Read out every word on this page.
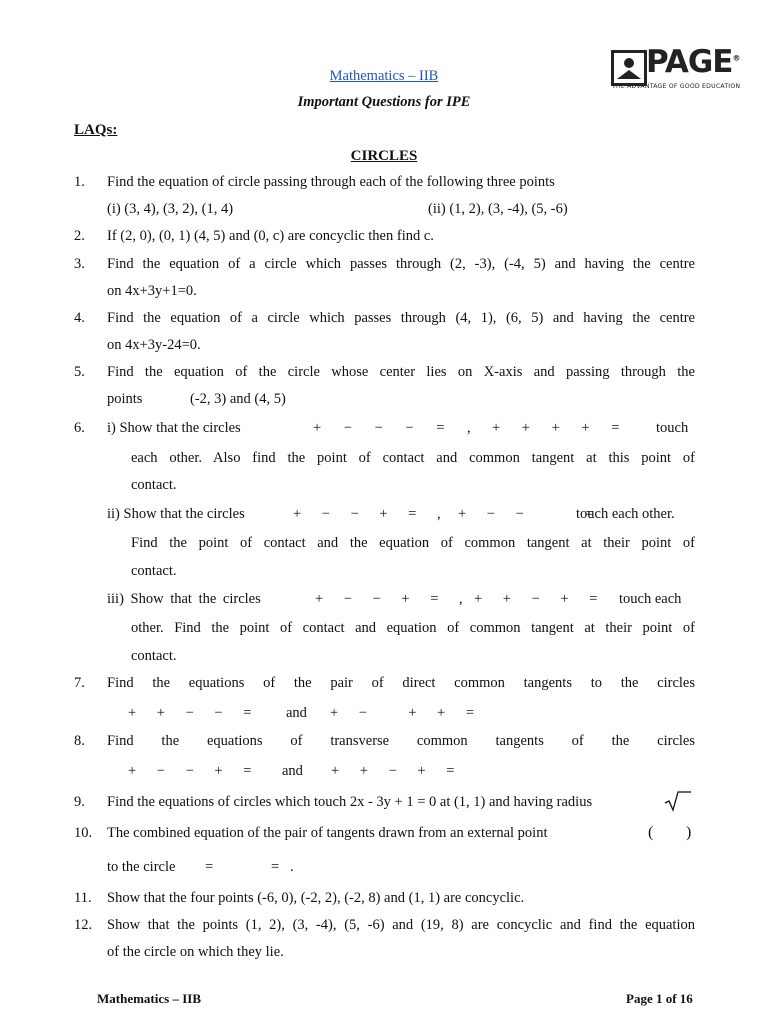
PAGE®
THE ADVANTAGE OF GOOD EDUCATION
Mathematics – IIB
Important Questions for IPE
LAQs:
CIRCLES
1. Find the equation of circle passing through each of the following three points
(i) (3, 4), (3, 2), (1, 4)	(ii) (1, 2), (3, -4), (5, -6)
2. If (2, 0), (0, 1) (4, 5) and (0, c) are concyclic then find c.
3. Find the equation of a circle which passes through (2, -3), (-4, 5) and having the centre
on 4x+3y+1=0.
4. Find the equation of a circle which passes through (4, 1), (6, 5) and having the centre
on 4x+3y-24=0.
5. Find the equation of the circle whose center lies on X-axis and passing through the
points	(-2, 3) and (4, 5)
6. i) Show that the circles	+ − − − = , + + + + =	touch
each other. Also find the point of contact and common tangent at this point of
contact.
ii) Show that the circles	+ − − + = , + − −   =
touch each other.
Find the point of contact and the equation of common tangent at their point of
contact.
iii) Show that the circles	+ − − + = , + + − + = touch each
other. Find the point of contact and equation of common tangent at their point of
contact.
7. Find the equations of the pair of direct common tangents to the circles
+ + − − = and + −  + + =
8. Find the equations of transverse common tangents of the circles
+ − − + = and + + − + =
9. Find the equations of circles which touch 2x - 3y + 1 = 0 at (1, 1) and having radius
10. The combined equation of the pair of tangents drawn from an external point	( )
to the circle =	=   .
11. Show that the four points (-6, 0), (-2, 2), (-2, 8) and (1, 1) are concyclic.
12. Show that the points (1, 2), (3, -4), (5, -6) and (19, 8) are concyclic and find the equation
of the circle on which they lie.
Mathematics – IIB	Page 1 of 16
